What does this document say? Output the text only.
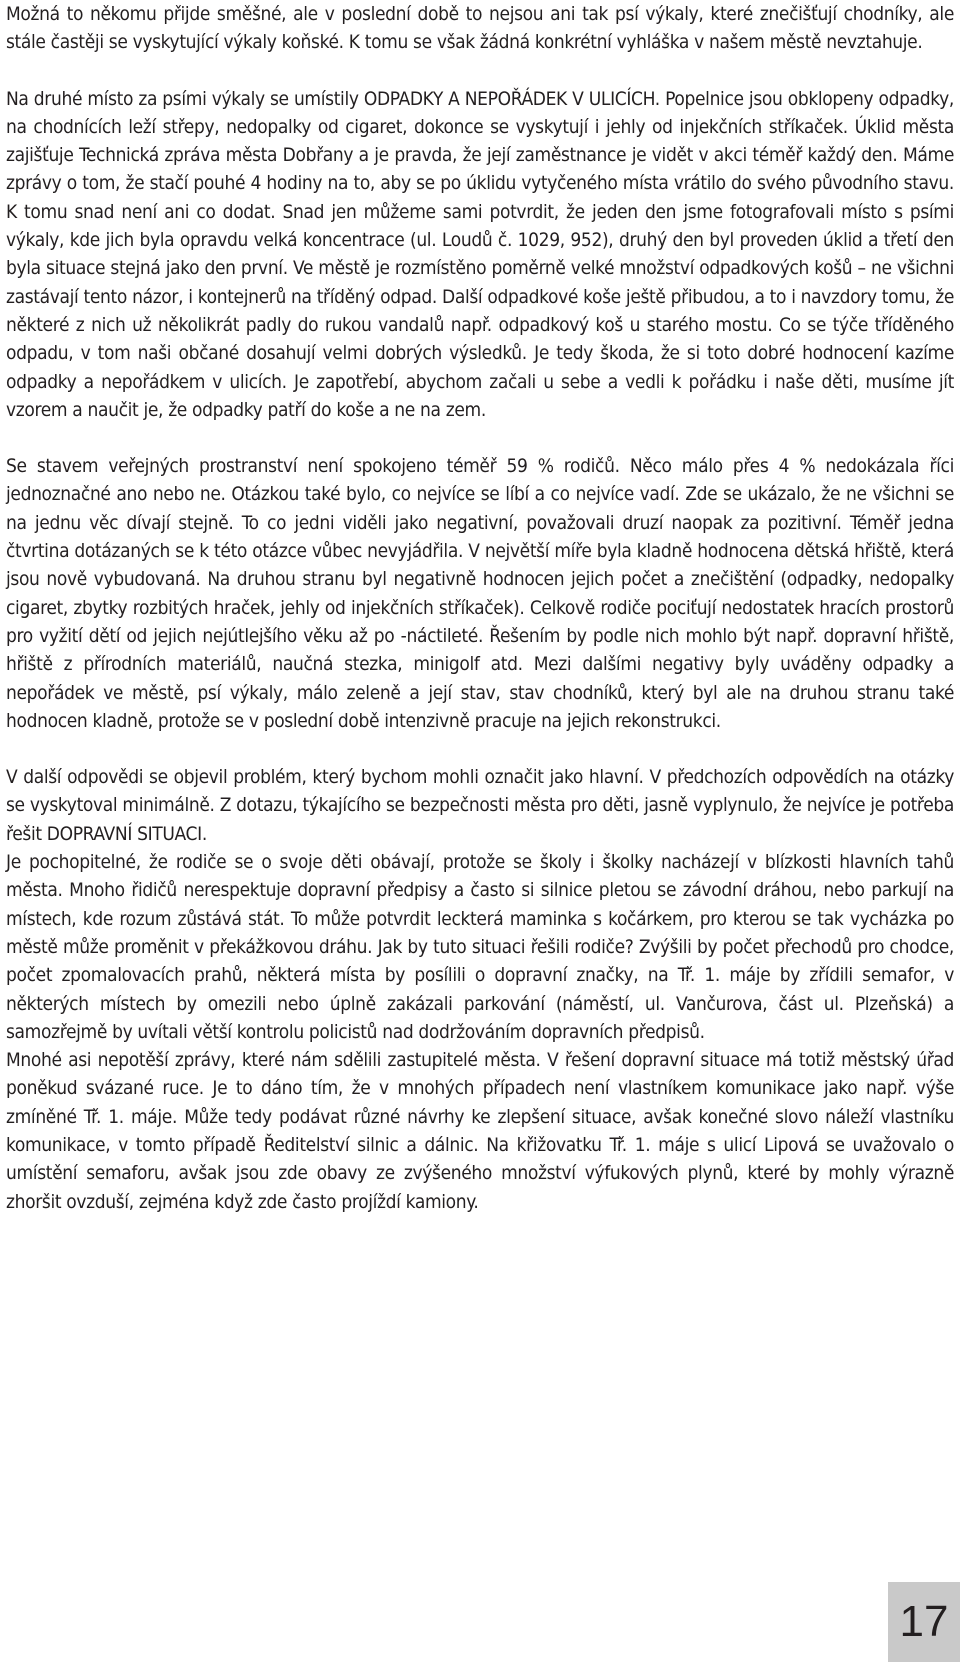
Možná to někomu přijde směšné, ale v poslední době to nejsou ani tak psí výkaly, které znečišťují chodníky, ale stále častěji se vyskytující výkaly koňské. K tomu se však žádná konkrétní vyhláška v našem městě nevztahuje.

Na druhé místo za psími výkaly se umístily ODPADKY A NEPOŘÁDEK V ULICÍCH. Popelnice jsou obklopeny odpadky, na chodnících leží střepy, nedopalky od cigaret, dokonce se vyskytují i jehly od injekčních stříkaček. Úklid města zajišťuje Technická zpráva města Dobřany a je pravda, že její zaměstnance je vidět v akci téměř každý den. Máme zprávy o tom, že stačí pouhé 4 hodiny na to, aby se po úklidu vytyčeného místa vrátilo do svého původního stavu. K tomu snad není ani co dodat. Snad jen můžeme sami potvrdit, že jeden den jsme fotografovali místo s psími výkaly, kde jich byla opravdu velká koncentrace (ul. Loudů č. 1029, 952), druhý den byl proveden úklid a třetí den byla situace stejná jako den první. Ve městě je rozmístěno poměrně velké množství odpadkových košů – ne všichni zastávají tento názor, i kontejnerů na tříděný odpad. Další odpadkové koše ještě přibudou, a to i navzdory tomu, že některé z nich už několikrát padly do rukou vandalů např. odpadkový koš u starého mostu. Co se týče tříděného odpadu, v tom naši občané dosahují velmi dobrých výsledků. Je tedy škoda, že si toto dobré hodnocení kazíme odpadky a nepořádkem v ulicích. Je zapotřebí, abychom začali u sebe a vedli k pořádku i naše děti, musíme jít vzorem a naučit je, že odpadky patří do koše a ne na zem.

Se stavem veřejných prostranství není spokojeno téměř 59 % rodičů. Něco málo přes 4 % nedokázala říci jednoznačné ano nebo ne. Otázkou také bylo, co nejvíce se líbí a co nejvíce vadí. Zde se ukázalo, že ne všichni se na jednu věc dívají stejně. To co jedni viděli jako negativní, považovali druzí naopak za pozitivní. Téměř jedna čtvrtina dotázaných se k této otázce vůbec nevyjádřila. V největší míře byla kladně hodnocena dětská hřiště, která jsou nově vybudovaná. Na druhou stranu byl negativně hodnocen jejich počet a znečištění (odpadky, nedopalky cigaret, zbytky rozbitých hraček, jehly od injekčních stříkaček). Celkově rodiče pociťují nedostatek hracích prostorů pro vyžití dětí od jejich nejútlejšího věku až po -náctileté. Řešením by podle nich mohlo být např. dopravní hřiště, hřiště z přírodních materiálů, naučná stezka, minigolf atd. Mezi dalšími negativy byly uváděny odpadky a nepořádek ve městě, psí výkaly, málo zeleně a její stav, stav chodníků, který byl ale na druhou stranu také hodnocen kladně, protože se v poslední době intenzivně pracuje na jejich rekonstrukci.

V další odpovědi se objevil problém, který bychom mohli označit jako hlavní. V předchozích odpovědích na otázky se vyskytoval minimálně. Z dotazu, týkajícího se bezpečnosti města pro děti, jasně vyplynulo, že nejvíce je potřeba řešit DOPRAVNÍ SITUACI.

Je pochopitelné, že rodiče se o svoje děti obávají, protože se školy i školky nacházejí v blízkosti hlavních tahů města. Mnoho řidičů nerespektuje dopravní předpisy a často si silnice pletou se závodní dráhou, nebo parkují na místech, kde rozum zůstává stát. To může potvrdit leckterá maminka s kočárkem, pro kterou se tak vycházka po městě může proměnit v překážkovou dráhu. Jak by tuto situaci řešili rodiče? Zvýšili by počet přechodů pro chodce, počet zpomalovacích prahů, některá místa by posílili o dopravní značky, na Tř. 1. máje by zřídili semafor, v některých místech by omezili nebo úplně zakázali parkování (náměstí, ul. Vančurova, část ul. Plzeňská) a samozřejmě by uvítali větší kontrolu policistů nad dodržováním dopravních předpisů.

Mnohé asi nepotěší zprávy, které nám sdělili zastupitelé města. V řešení dopravní situace má totiž městský úřad poněkud svázané ruce. Je to dáno tím, že v mnohých případech není vlastníkem komunikace jako např. výše zmíněné Tř. 1. máje. Může tedy podávat různé návrhy ke zlepšení situace, avšak konečné slovo náleží vlastníku komunikace, v tomto případě Ředitelství silnic a dálnic. Na křižovatku Tř. 1. máje s ulicí Lipová se uvažovalo o umístění semaforu, avšak jsou zde obavy ze zvýšeného množství výfukových plynů, které by mohly výrazně zhoršit ovzduší, zejména když zde často projíždí kamiony.

17
